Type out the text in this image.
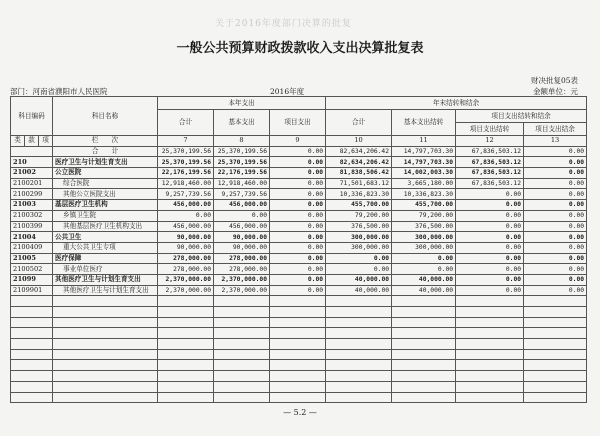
关于2016年度部门决算的批复
一般公共预算财政拨款收入支出决算批复表
财决批复05表
金额单位：元
部门：河南省濮阳市人民医院	2016年度
科目编码			科目名称	本年支出			年末结转和结余			
				合计	基本支出	项目支出	合计	基本支出结转	项目支出结转和结余	
									项目支出结转	项目支出结余
类	款	项	栏　　次	7	8	9	10	11	12	13
			合　　计	25,370,199.56	25,370,199.56	0.00	82,634,206.42	14,797,703.30	67,836,503.12	0.00
210			医疗卫生与计划生育支出	25,370,199.56	25,370,199.56	0.00	82,634,206.42	14,797,703.30	67,836,503.12	0.00
21002			公立医院	22,176,199.56	22,176,199.56	0.00	81,838,506.42	14,002,003.30	67,836,503.12	0.00
2100201			综合医院	12,918,460.00	12,918,460.00	0.00	71,501,683.12	3,665,180.00	67,836,503.12	0.00
2100299			其他公立医院支出	9,257,739.56	9,257,739.56	0.00	10,336,823.30	10,336,823.30	0.00	0.00
21003			基层医疗卫生机构	456,000.00	456,000.00	0.00	455,700.00	455,700.00	0.00	0.00
2100302			乡镇卫生院	0.00	0.00	0.00	79,200.00	79,200.00	0.00	0.00
2100399			其他基层医疗卫生机构支出	456,000.00	456,000.00	0.00	376,500.00	376,500.00	0.00	0.00
21004			公共卫生	90,000.00	90,000.00	0.00	300,000.00	300,000.00	0.00	0.00
2100409			重大公共卫生专项	90,000.00	90,000.00	0.00	300,000.00	300,000.00	0.00	0.00
21005			医疗保障	278,000.00	278,000.00	0.00	0.00	0.00	0.00	0.00
2100502			事业单位医疗	278,000.00	278,000.00	0.00	0.00	0.00	0.00	0.00
21099			其他医疗卫生与计划生育支出	2,370,000.00	2,370,000.00	0.00	40,000.00	40,000.00	0.00	0.00
2109901			其他医疗卫生与计划生育支出	2,370,000.00	2,370,000.00	0.00	40,000.00	40,000.00	0.00	0.00

— 5.2 —
